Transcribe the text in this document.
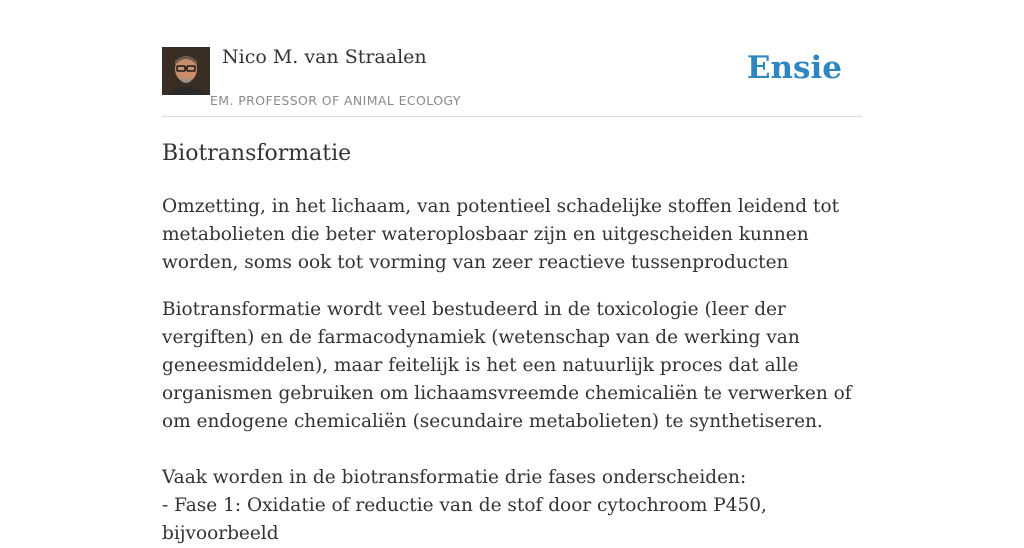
Nico M. van Straalen
EM. PROFESSOR OF ANIMAL ECOLOGY
Ensie
Biotransformatie

Omzetting, in het lichaam, van potentieel schadelijke stoffen leidend tot metabolieten die beter wateroplosbaar zijn en uitgescheiden kunnen worden, soms ook tot vorming van zeer reactieve tussenproducten

Biotransformatie wordt veel bestudeerd in de toxicologie (leer der vergiften) en de farmacodynamiek (wetenschap van de werking van geneesmiddelen), maar feitelijk is het een natuurlijk proces dat alle organismen gebruiken om lichaamsvreemde chemicaliën te verwerken of om endogene chemicaliën (secundaire metabolieten) te synthetiseren.

Vaak worden in de biotransformatie drie fases onderscheiden:
- Fase 1: Oxidatie of reductie van de stof door cytochroom P450, bijvoorbeeld
